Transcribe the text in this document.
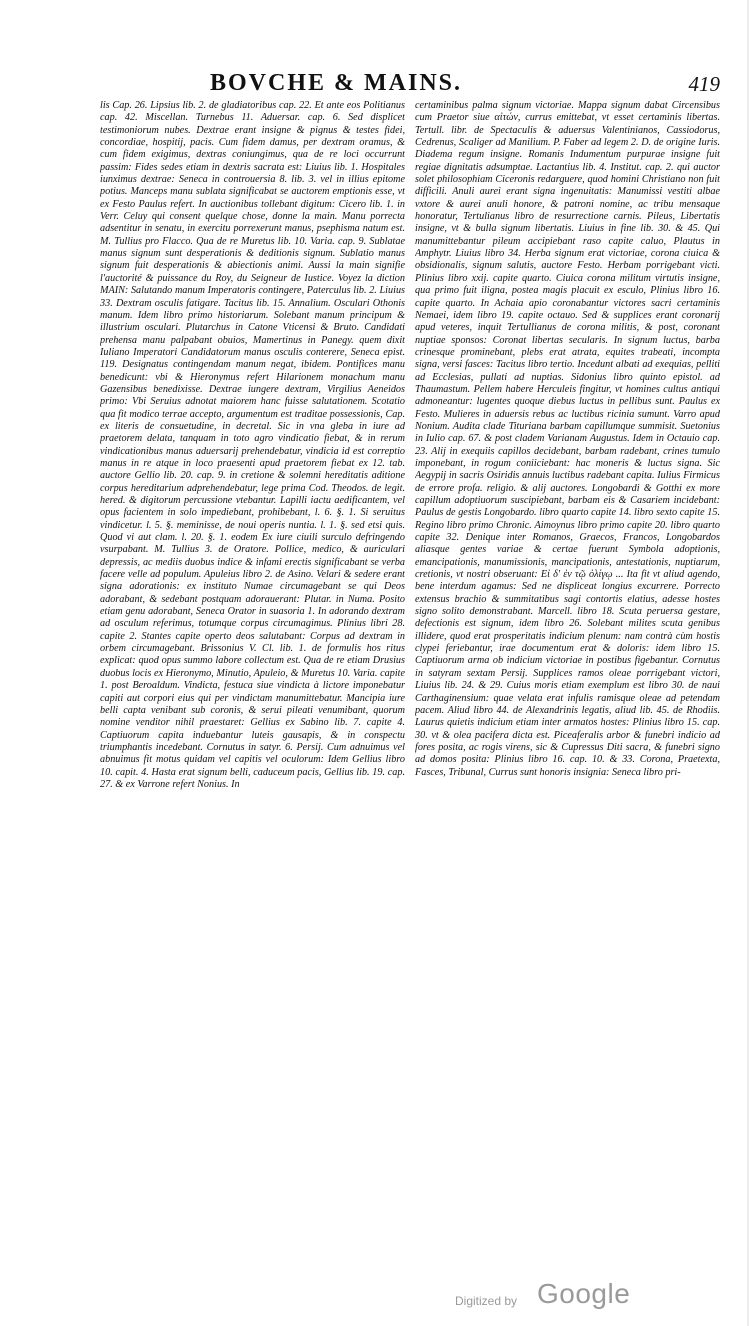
BOVCHE & MAINS.	419

lis Cap. 26. Lipsius lib. 2. de gladiatoribus cap. 22. Et ante eos Politianus cap. 42. Miscellan. Turnebus 11. Aduersar. cap. 6. Sed displicet testimoniorum nubes. Dextrae erant insigne & pignus & testes fidei, concordiae, hospitij, pacis. Cum fidem damus, per dextram oramus, & cum fidem exigimus, dextras coniungimus, qua de re loci occurrunt passim: Fides sedes etiam in dextris sacrata est: Liuius lib. 1. Hospitales iunximus dextrae: Seneca in controuersia 8. lib. 3. vel in illius epitome potius. Manceps manu sublata significabat se auctorem emptionis esse, vt ex Festo Paulus refert. In auctionibus tollebant digitum: Cicero lib. 1. in Verr. Celuy qui consent quelque chose, donne la main. Manu porrecta adsentitur in senatu, in exercitu porrexerunt manus, psephisma natum est. M. Tullius pro Flacco. Qua de re Muretus lib. 10. Varia. cap. 9. Sublatae manus signum sunt desperationis & deditionis signum. Sublatio manus signum fuit desperationis & abiectionis animi. Aussi la main signifie l'auctorité & puissance du Roy, du Seigneur de Iustice. Voyez la diction MAIN: Salutando manum Imperatoris contingere, Paterculus lib. 2. Liuius 33. Dextram osculis fatigare. Tacitus lib. 15. Annalium. Osculari Othonis manum. Idem libro primo historiarum. Solebant manum principum & illustrium osculari. Plutarchus in Catone Vticensi & Bruto. Candidati prehensa manu palpabant obuios, Mamertinus in Panegy. quem dixit Iuliano Imperatori Candidatorum manus osculis conterere, Seneca epist. 119. Designatus contingendam manum negat, ibidem. Pontifices manu benedicunt: vbi & Hieronymus refert Hilarionem monachum manu Gazensibus benedixisse. Dextrae iungere dextram, Virgilius Aeneidos primo: Vbi Seruius adnotat maiorem hanc fuisse salutationem. Scotatio qua fit modico terrae accepto, argumentum est traditae possessionis, Cap. ex literis de consuetudine, in decretal. Sic in vna gleba in iure ad praetorem delata, tanquam in toto agro vindicatio fiebat, & in rerum vindicationibus manus aduersarij prehendebatur, vindicia id est correptio manus in re atque in loco praesenti apud praetorem fiebat ex 12. tab. auctore Gellio lib. 20. cap. 9. in cretione & solemni hereditatis aditione corpus hereditarium adprehendebatur, lege prima Cod. Theodos. de legit. hered. & digitorum percussione vtebantur. Lapilli iactu aedificantem, vel opus facientem in solo impediebant, prohibebant, l. 6. §. 1. Si seruitus vindicetur. l. 5. §. meminisse, de noui operis nuntia. l. 1. §. sed etsi quis. Quod vi aut clam. l. 20. §. 1. eodem Ex iure ciuili surculo defringendo vsurpabant. M. Tullius 3. de Oratore. Pollice, medico, & auriculari depressis, ac mediis duobus indice & infami erectis significabant se verba facere velle ad populum. Apuleius libro 2. de Asino. Velari & sedere erant signa adorationis: ex instituto Numae circumagebant se qui Deos adorabant, & sedebant postquam adorauerant: Plutar. in Numa. Posito etiam genu adorabant, Seneca Orator in suasoria 1. In adorando dextram ad osculum referimus, totumque corpus circumagimus. Plinius libri 28. capite 2. Stantes capite operto deos salutabant: Corpus ad dextram in orbem circumagebant. Brissonius V. Cl. lib. 1. de formulis hos ritus explicat: quod opus summo labore collectum est. Qua de re etiam Drusius duobus locis ex Hieronymo, Minutio, Apuleio, & Muretus 10. Varia. capite 1. post Beroaldum. Vindicta, festuca siue vindicta à lictore imponebatur capiti aut corpori eius qui per vindictam manumittebatur. Mancipia iure belli capta venibant sub coronis, & serui pileati venumibant, quorum nomine venditor nihil praestaret: Gellius ex Sabino lib. 7. capite 4. Captiuorum capita induebantur luteis gausapis, & in conspectu triumphantis incedebant. Cornutus in satyr. 6. Persij. Cum adnuimus vel abnuimus fit motus quidam vel capitis vel oculorum: Idem Gellius libro 10. capit. 4. Hasta erat signum belli, caduceum pacis, Gellius lib. 19. cap. 27. & ex Varrone refert Nonius. In

certaminibus palma signum victoriae. Mappa signum dabat Circensibus cum Praetor siue αἰτών, currus emittebat, vt esset certaminis libertas. Tertull. libr. de Spectaculis & aduersus Valentinianos, Cassiodorus, Cedrenus, Scaliger ad Manilium. P. Faber ad legem 2. D. de origine Iuris. Diadema regum insigne. Romanis Indumentum purpurae insigne fuit regiae dignitatis adsumptae. Lactantius lib. 4. Institut. cap. 2. qui auctor solet philosophiam Ciceronis redarguere, quod homini Christiano non fuit difficili. Anuli aurei erant signa ingenuitatis: Manumissi vestiti albae vxtore & aurei anuli honore, & patroni nomine, ac tribu mensaque honoratur, Tertulianus libro de resurrectione carnis. Pileus, Libertatis insigne, vt & bulla signum libertatis. Liuius in fine lib. 30. & 45. Qui manumittebantur pileum accipiebant raso capite caluo, Plautus in Amphytr. Liuius libro 34. Herba signum erat victoriae, corona ciuica & obsidionalis, signum salutis, auctore Festo. Herbam porrigebant victi. Plinius libro xxij. capite quarto. Ciuica corona militum virtutis insigne, qua primo fuit iligna, postea magis placuit ex esculo, Plinius libro 16. capite quarto. In Achaia apio coronabantur victores sacri certaminis Nemaei, idem libro 19. capite octauo. Sed & supplices erant coronarij apud veteres, inquit Tertullianus de corona militis, & post, coronant nuptiae sponsos: Coronat libertas secularis. In signum luctus, barba crinesque prominebant, plebs erat atrata, equites trabeati, incompta signa, versi fasces: Tacitus libro tertio. Incedunt albati ad exequias, pelliti ad Ecclesias, pullati ad nuptias. Sidonius libro quinto epistol. ad Thaumastum. Pellem habere Herculeis fingitur, vt homines cultus antiqui admoneantur: lugentes quoque diebus luctus in pellibus sunt. Paulus ex Festo. Mulieres in aduersis rebus ac luctibus ricinia sumunt. Varro apud Nonium. Audita clade Tituriana barbam capillumque summisit. Suetonius in Iulio cap. 67. & post cladem Varianam Augustus. Idem in Octauio cap. 23. Alij in exequiis capillos decidebant, barbam radebant, crines tumulo imponebant, in rogum coniiciebant: hac moneris & luctus signa. Sic Aegypij in sacris Osiridis annuis luctibus radebant capita. Iulius Firmicus de errore profa. religio. & alij auctores. Longobardi & Gotthi ex more capillum adoptiuorum suscipiebant, barbam eis & Casariem incidebant: Paulus de gestis Longobardo. libro quarto capite 14. libro sexto capite 15. Regino libro primo Chronic. Aimoynus libro primo capite 20. libro quarto capite 32. Denique inter Romanos, Graecos, Francos, Longobardos aliasque gentes variae & certae fuerunt Symbola adoptionis, emancipationis, manumissionis, mancipationis, antestationis, nuptiarum, cretionis, vt nostri obseruant: Εἰ δ' ἐν τῷ ὀλίγῳ ... Ita fit vt aliud agendo, bene interdum agamus: Sed ne displiceat longius excurrere. Porrecto extensus brachio & summitatibus sagi contortis elatius, adesse hostes signo solito demonstrabant. Marcell. libro 18. Scuta peruersa gestare, defectionis est signum, idem libro 26. Solebant milites scuta genibus illidere, quod erat prosperitatis indicium plenum: nam contrà cùm hostis clypei feriebantur, irae documentum erat & doloris: idem libro 15. Captiuorum arma ob indicium victoriae in postibus figebantur. Cornutus in satyram sextam Persij. Supplices ramos oleae porrigebant victori, Liuius lib. 24. & 29. Cuius moris etiam exemplum est libro 30. de naui Carthaginensium: quae velata erat infulis ramisque oleae ad petendam pacem. Aliud libro 44. de Alexandrinis legatis, aliud lib. 45. de Rhodiis. Laurus quietis indicium etiam inter armatos hostes: Plinius libro 15. cap. 30. vt & olea pacifera dicta est. Piceaferalis arbor & funebri indicio ad fores posita, ac rogis virens, sic & Cupressus Diti sacra, & funebri signo ad domos posita: Plinius libro 16. cap. 10. & 33. Corona, Praetexta, Fasces, Tribunal, Currus sunt honoris insignia: Seneca libro pri-

Digitized by Google
